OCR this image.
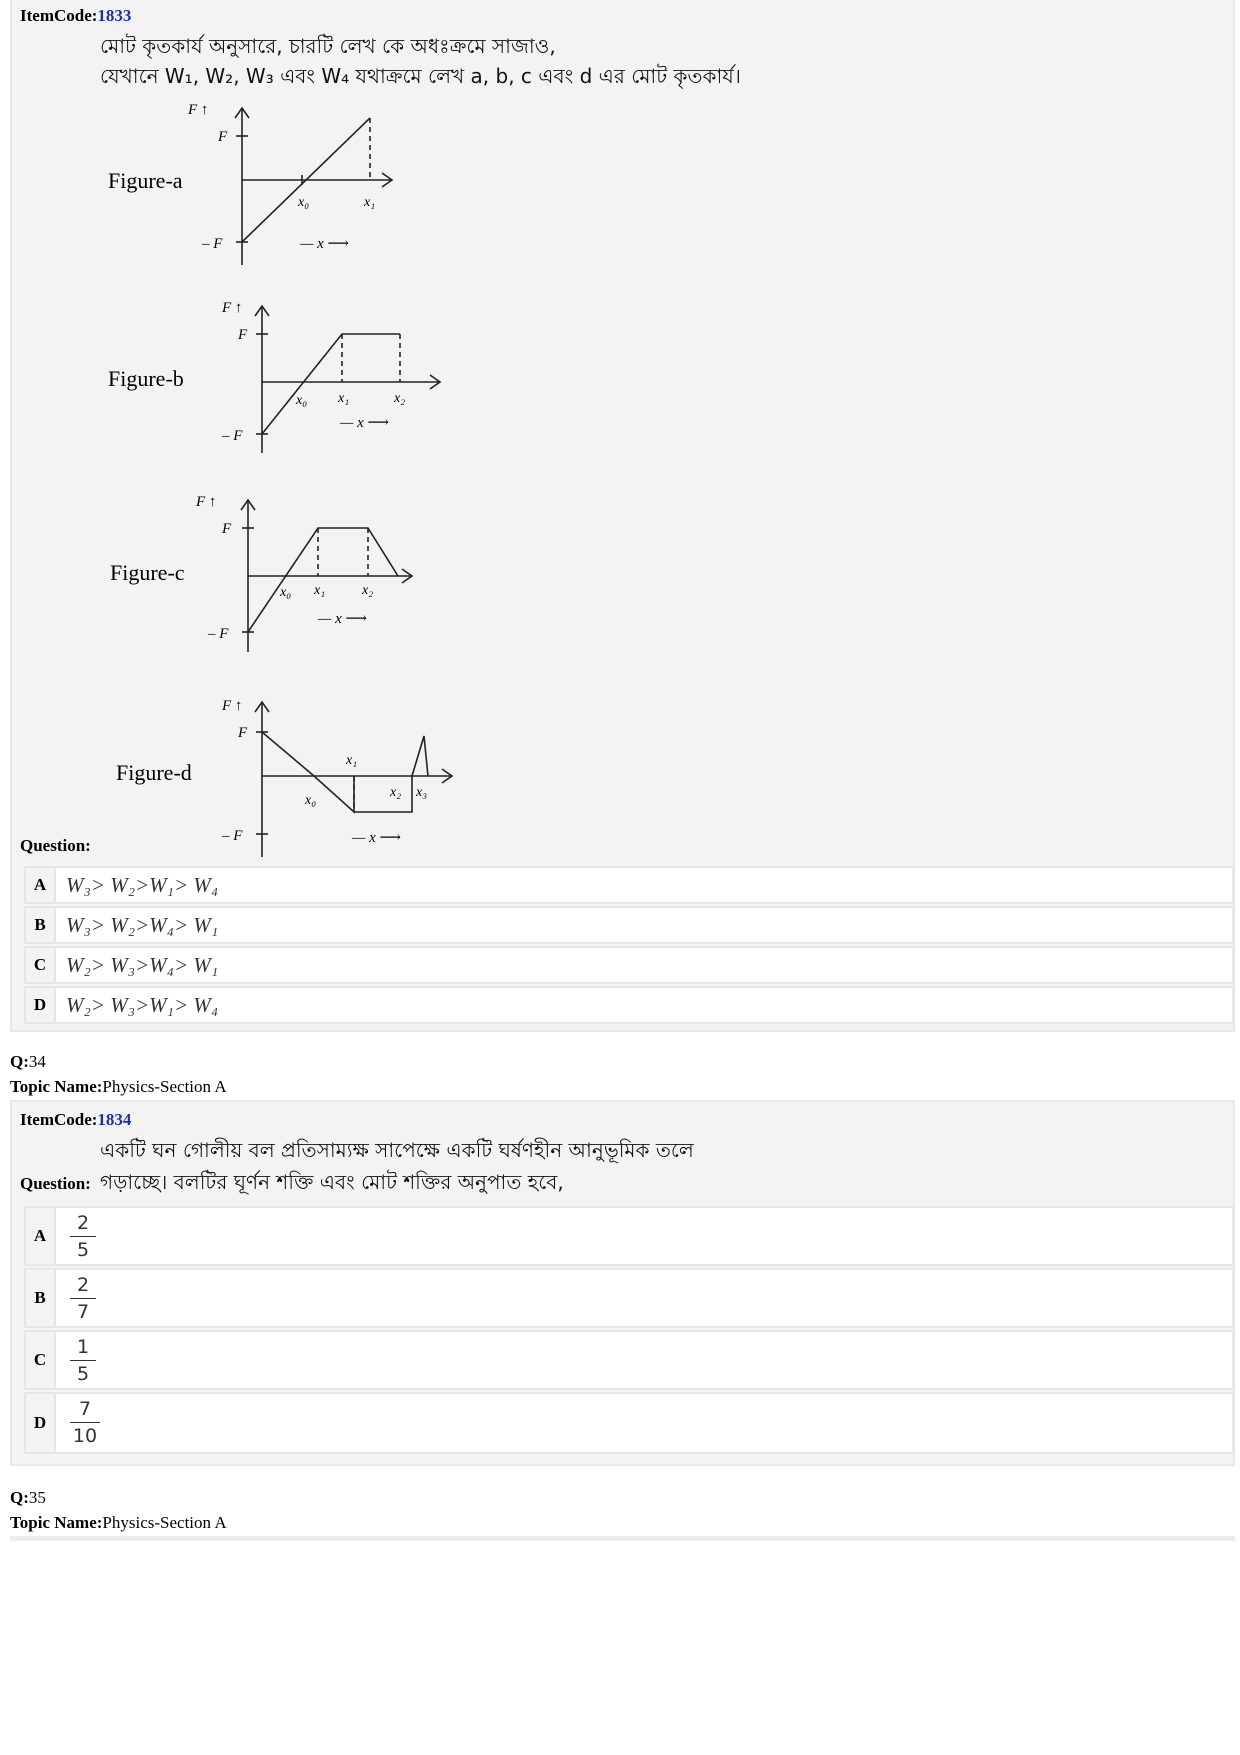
ItemCode:1833
মোট কৃতকার্য অনুসারে, চারটি লেখ কে অধঃক্রমে সাজাও,
যেখানে W₁, W₂, W₃ এবং W₄ যথাক্রমে লেখ a, b, c এবং d এর মোট কৃতকার্য।
Figure-a
F ↑
F
– F
x₀	x₁
— x ⟶
Figure-b
F ↑
F
– F
x₀ x₁	x₂
— x ⟶
Figure-c
F ↑
F
– F
x₀ x₁	x₂
— x ⟶
Figure-d
F ↑
F
– F
x₀
x₁
x₂ x₃
— x ⟶
Question:
A W₃> W₂>W₁> W₄
B W₃> W₂>W₄> W₁
C W₂> W₃>W₄> W₁
D W₂> W₃>W₁> W₄
Q:34
Topic Name:Physics-Section A
ItemCode:1834
একটি ঘন গোলীয় বল প্রতিসাম্যক্ষ সাপেক্ষে একটি ঘর্ষণহীন আনুভূমিক তলে
Question: গড়াচ্ছে। বলটির ঘূর্ণন শক্তি এবং মোট শক্তির অনুপাত হবে,
A
2
5
B
2
7
C
1
5
D
7
10
Q:35
Topic Name:Physics-Section A
